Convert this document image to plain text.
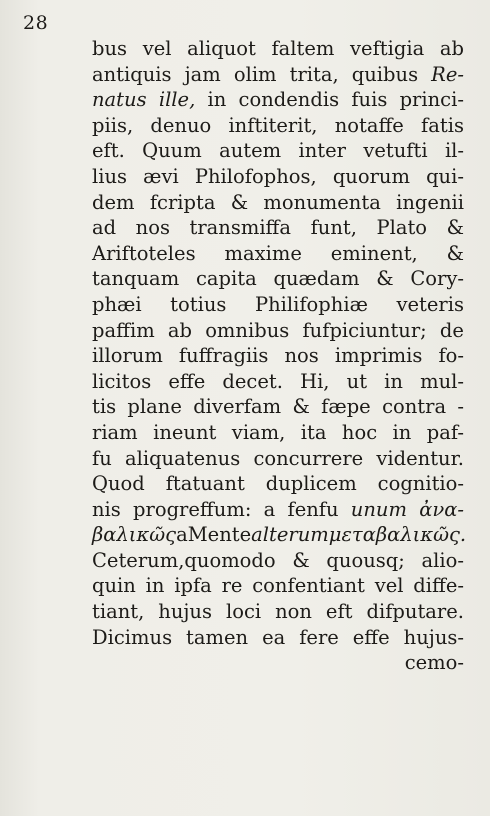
28
bus vel aliquot faltem veftigia ab
antiquis jam olim trita, quibus Re-
natus ille, in condendis fuis princi-
piis, denuo inftiterit, notaffe fatis
eft. Quum autem inter vetufti il-
lius ævi Philofophos, quorum qui-
dem fcripta & monumenta ingenii
ad nos transmiffa funt, Plato &
Ariftoteles maxime eminent, &
tanquam capita quædam & Cory-
phæi totius Philifophiæ veteris
paffim ab omnibus fufpiciuntur; de
illorum fuffragiis nos imprimis fo-
licitos effe decet. Hi, ut in mul-
tis plane diverfam & fæpe contra -
riam ineunt viam, ita hoc in paf-
fu aliquatenus concurrere videntur.
Quod ftatuant duplicem cognitio-
nis progreffum: a fenfu unum ἀνα-
βαλικῶς a Mente alterum μεταβαλικῶς.
Ceterum,quomodo & quousq; alio-
quin in ipfa re confentiant vel diffe-
tiant, hujus loci non eft difputare.
Dicimus tamen ea fere effe hujus-
cemo-
